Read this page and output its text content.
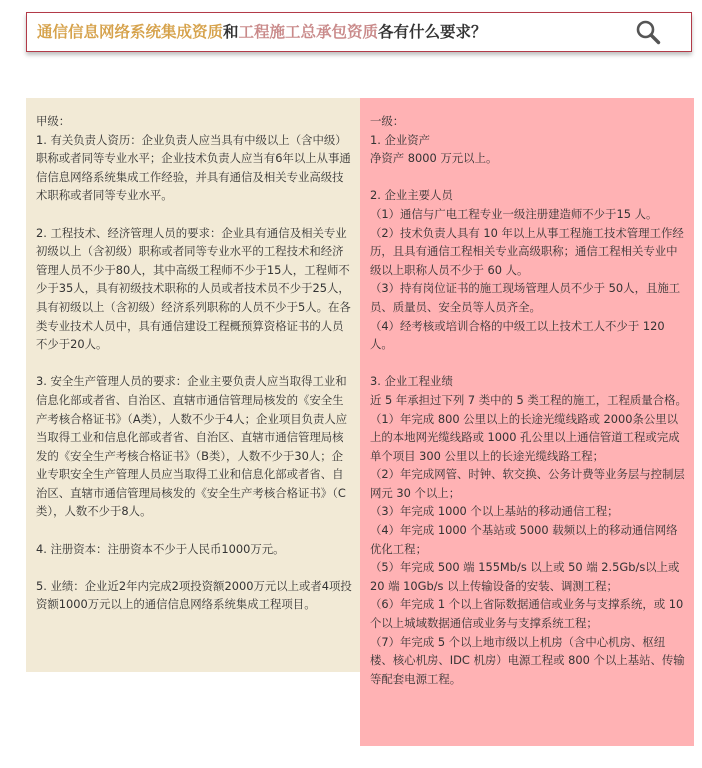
通信信息网络系统集成资质和工程施工总承包资质各有什么要求？
甲级：
1. 有关负责人资历：企业负责人应当具有中级以上（含中级）职称或者同等专业水平；企业技术负责人应当有6年以上从事通信信息网络系统集成工作经验，并具有通信及相关专业高级技术职称或者同等专业水平。

2. 工程技术、经济管理人员的要求：企业具有通信及相关专业初级以上（含初级）职称或者同等专业水平的工程技术和经济管理人员不少于80人，其中高级工程师不少于15人，工程师不少于35人，具有初级技术职称的人员或者技术员不少于25人，具有初级以上（含初级）经济系列职称的人员不少于5人。在各类专业技术人员中，具有通信建设工程概预算资格证书的人员不少于20人。

3. 安全生产管理人员的要求：企业主要负责人应当取得工业和信息化部或者省、自治区、直辖市通信管理局核发的《安全生产考核合格证书》（A类），人数不少于4人；企业项目负责人应当取得工业和信息化部或者省、自治区、直辖市通信管理局核发的《安全生产考核合格证书》（B类），人数不少于30人；企业专职安全生产管理人员应当取得工业和信息化部或者省、自治区、直辖市通信管理局核发的《安全生产考核合格证书》（C类），人数不少于8人。

4. 注册资本：注册资本不少于人民币1000万元。

5. 业绩：企业近2年内完成2项投资额2000万元以上或者4项投资额1000万元以上的通信信息网络系统集成工程项目。
一级：
1. 企业资产
净资产 8000 万元以上。

2. 企业主要人员
（1）通信与广电工程专业一级注册建造师不少于15 人。
（2）技术负责人具有 10 年以上从事工程施工技术管理工作经历，且具有通信工程相关专业高级职称；通信工程相关专业中级以上职称人员不少于 60 人。
（3）持有岗位证书的施工现场管理人员不少于 50人，且施工员、质量员、安全员等人员齐全。
（4）经考核或培训合格的中级工以上技术工人不少于 120 人。

3. 企业工程业绩
近 5 年承担过下列 7 类中的 5 类工程的施工，工程质量合格。
（1）年完成 800 公里以上的长途光缆线路或 2000条公里以上的本地网光缆线路或 1000 孔公里以上通信管道工程或完成单个项目 300 公里以上的长途光缆线路工程；
（2）年完成网管、时钟、软交换、公务计费等业务层与控制层网元 30 个以上；
（3）年完成 1000 个以上基站的移动通信工程；
（4）年完成 1000 个基站或 5000 载频以上的移动通信网络优化工程；
（5）年完成 500 端 155Mb/s 以上或 50 端 2.5Gb/s以上或 20 端 10Gb/s 以上传输设备的安装、调测工程；
（6）年完成 1 个以上省际数据通信或业务与支撑系统，或 10 个以上城域数据通信或业务与支撑系统工程；
（7）年完成 5 个以上地市级以上机房（含中心机房、枢纽楼、核心机房、IDC 机房）电源工程或 800 个以上基站、传输等配套电源工程。
